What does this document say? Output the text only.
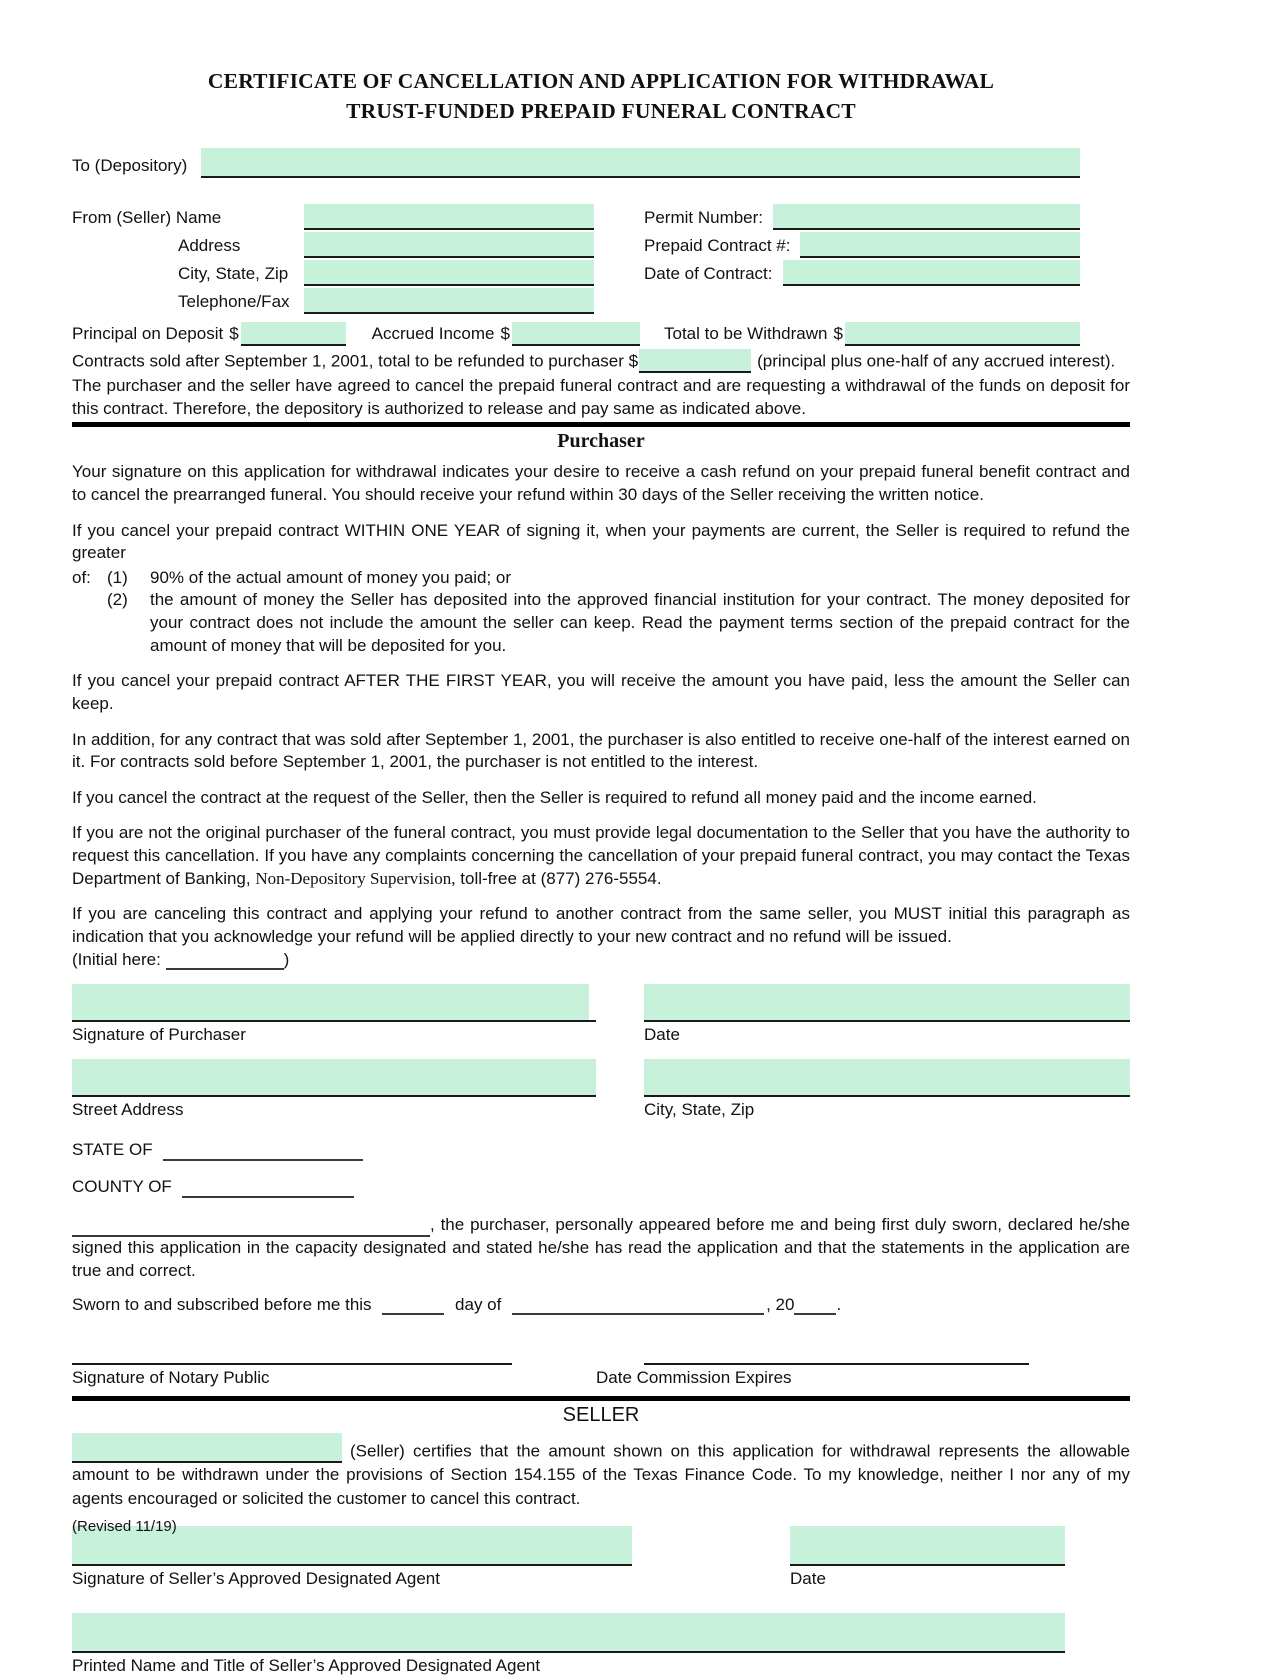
CERTIFICATE OF CANCELLATION AND APPLICATION FOR WITHDRAWAL
TRUST-FUNDED PREPAID FUNERAL CONTRACT
To (Depository)
From (Seller) Name	Permit Number:
Address	Prepaid Contract #:
City, State, Zip	Date of Contract:
Telephone/Fax
Principal on Deposit $	Accrued Income $	Total to be Withdrawn $
Contracts sold after September 1, 2001, total to be refunded to purchaser $	(principal plus one-half of any accrued interest).
The purchaser and the seller have agreed to cancel the prepaid funeral contract and are requesting a withdrawal of the funds on deposit for this contract. Therefore, the depository is authorized to release and pay same as indicated above.
Purchaser
Your signature on this application for withdrawal indicates your desire to receive a cash refund on your prepaid funeral benefit contract and to cancel the prearranged funeral. You should receive your refund within 30 days of the Seller receiving the written notice.
If you cancel your prepaid contract WITHIN ONE YEAR of signing it, when your payments are current, the Seller is required to refund the greater
of: (1)	90% of the actual amount of money you paid; or
(2)	the amount of money the Seller has deposited into the approved financial institution for your contract. The money deposited for your contract does not include the amount the seller can keep. Read the payment terms section of the prepaid contract for the amount of money that will be deposited for you.
If you cancel your prepaid contract AFTER THE FIRST YEAR, you will receive the amount you have paid, less the amount the Seller can keep.
In addition, for any contract that was sold after September 1, 2001, the purchaser is also entitled to receive one-half of the interest earned on it. For contracts sold before September 1, 2001, the purchaser is not entitled to the interest.
If you cancel the contract at the request of the Seller, then the Seller is required to refund all money paid and the income earned.
If you are not the original purchaser of the funeral contract, you must provide legal documentation to the Seller that you have the authority to request this cancellation. If you have any complaints concerning the cancellation of your prepaid funeral contract, you may contact the Texas Department of Banking, Non-Depository Supervision, toll-free at (877) 276-5554.
If you are canceling this contract and applying your refund to another contract from the same seller, you MUST initial this paragraph as indication that you acknowledge your refund will be applied directly to your new contract and no refund will be issued.
(Initial here:	)
Signature of Purchaser	Date
Street Address	City, State, Zip
STATE OF
COUNTY OF
, the purchaser, personally appeared before me and being first duly sworn, declared he/she signed this application in the capacity designated and stated he/she has read the application and that the statements in the application are true and correct.
Sworn to and subscribed before me this	day of	, 20 .
Signature of Notary Public	Date Commission Expires
SELLER
(Seller) certifies that the amount shown on this application for withdrawal represents the allowable amount to be withdrawn under the provisions of Section 154.155 of the Texas Finance Code. To my knowledge, neither I nor any of my agents encouraged or solicited the customer to cancel this contract.
Signature of Seller’s Approved Designated Agent	Date
Printed Name and Title of Seller’s Approved Designated Agent
(Revised 11/19)
